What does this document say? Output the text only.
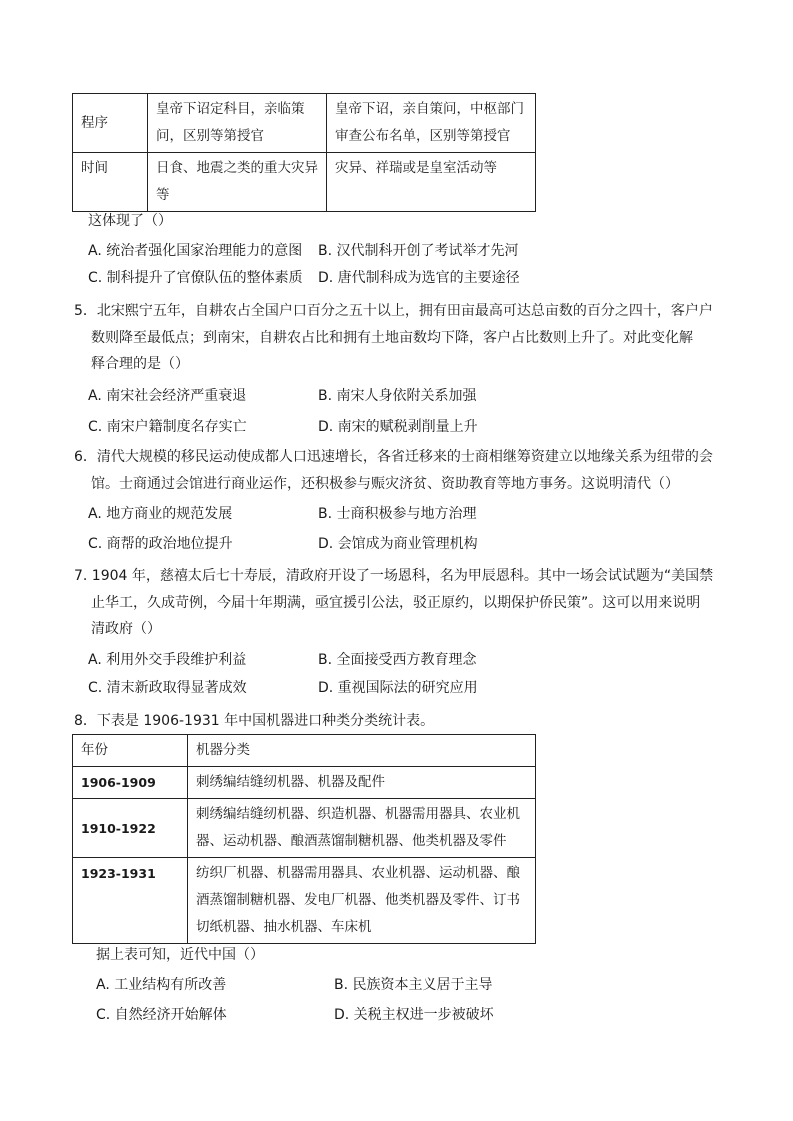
程序	皇帝下诏定科目，亲临策问，区别等第授官	皇帝下诏，亲自策问，中枢部门审查公布名单，区别等第授官
时间	日食、地震之类的重大灾异等	灾异、祥瑞或是皇室活动等
这体现了（）
A. 统治者强化国家治理能力的意图 B. 汉代制科开创了考试举才先河
C. 制科提升了官僚队伍的整体素质 D. 唐代制科成为选官的主要途径
5．北宋熙宁五年，自耕农占全国户口百分之五十以上，拥有田亩最高可达总亩数的百分之四十，客户户
数则降至最低点；到南宋，自耕农占比和拥有土地亩数均下降，客户占比数则上升了。对此变化解
释合理的是（）
A. 南宋社会经济严重衰退	B. 南宋人身依附关系加强
C. 南宋户籍制度名存实亡	D. 南宋的赋税剥削量上升
6．清代大规模的移民运动使成都人口迅速增长，各省迁移来的士商相继筹资建立以地缘关系为纽带的会
馆。士商通过会馆进行商业运作，还积极参与赈灾济贫、资助教育等地方事务。这说明清代（）
A. 地方商业的规范发展	B. 士商积极参与地方治理
C. 商帮的政治地位提升	D. 会馆成为商业管理机构
7. 1904 年，慈禧太后七十寿辰，清政府开设了一场恩科，名为甲辰恩科。其中一场会试试题为“美国禁
止华工，久成苛例，今届十年期满，亟宜援引公法，驳正原约，以期保护侨民策”。这可以用来说明
清政府（）
A. 利用外交手段维护利益	B. 全面接受西方教育理念
C. 清末新政取得显著成效	D. 重视国际法的研究应用
8．下表是 1906-1931 年中国机器进口种类分类统计表。
年份	机器分类
1906-1909	刺绣编结缝纫机器、机器及配件
1910-1922	刺绣编结缝纫机器、织造机器、机器需用器具、农业机器、运动机器、酿酒蒸馏制糖机器、他类机器及零件
1923-1931	纺织厂机器、机器需用器具、农业机器、运动机器、酿酒蒸馏制糖机器、发电厂机器、他类机器及零件、订书切纸机器、抽水机器、车床机
据上表可知，近代中国（）
A. 工业结构有所改善	B. 民族资本主义居于主导
C. 自然经济开始解体	D. 关税主权进一步被破坏
